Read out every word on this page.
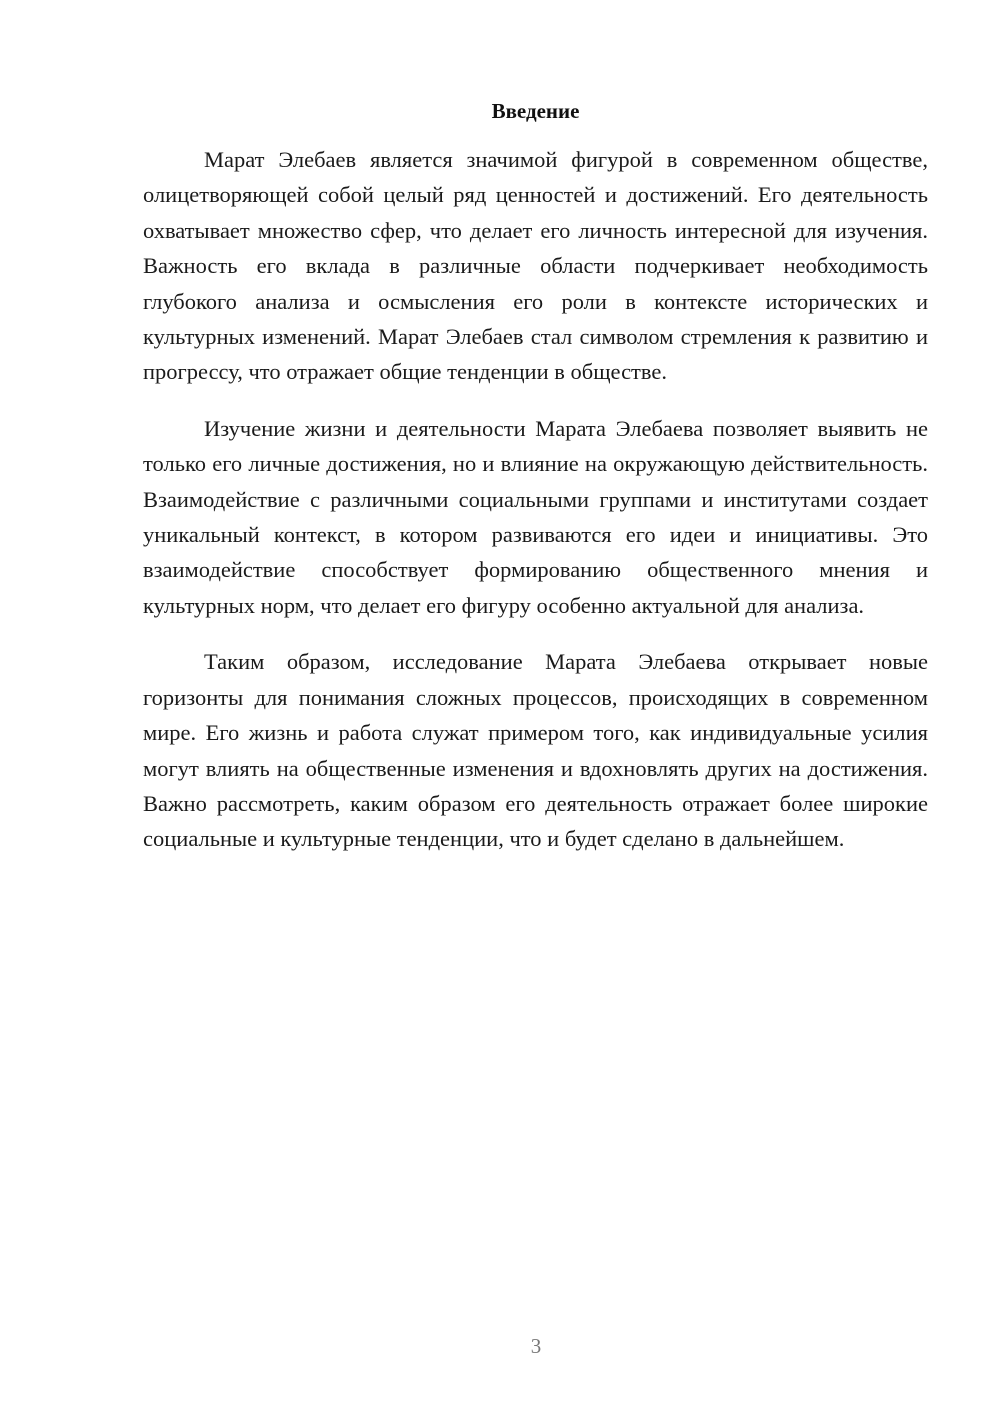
Введение

Марат Элебаев является значимой фигурой в современном обществе, олицетворяющей собой целый ряд ценностей и достижений. Его деятельность охватывает множество сфер, что делает его личность интересной для изучения. Важность его вклада в различные области подчеркивает необходимость глубокого анализа и осмысления его роли в контексте исторических и культурных изменений. Марат Элебаев стал символом стремления к развитию и прогрессу, что отражает общие тенденции в обществе.

Изучение жизни и деятельности Марата Элебаева позволяет выявить не только его личные достижения, но и влияние на окружающую действительность. Взаимодействие с различными социальными группами и институтами создает уникальный контекст, в котором развиваются его идеи и инициативы. Это взаимодействие способствует формированию общественного мнения и культурных норм, что делает его фигуру особенно актуальной для анализа.

Таким образом, исследование Марата Элебаева открывает новые горизонты для понимания сложных процессов, происходящих в современном мире. Его жизнь и работа служат примером того, как индивидуальные усилия могут влиять на общественные изменения и вдохновлять других на достижения. Важно рассмотреть, каким образом его деятельность отражает более широкие социальные и культурные тенденции, что и будет сделано в дальнейшем.

3
